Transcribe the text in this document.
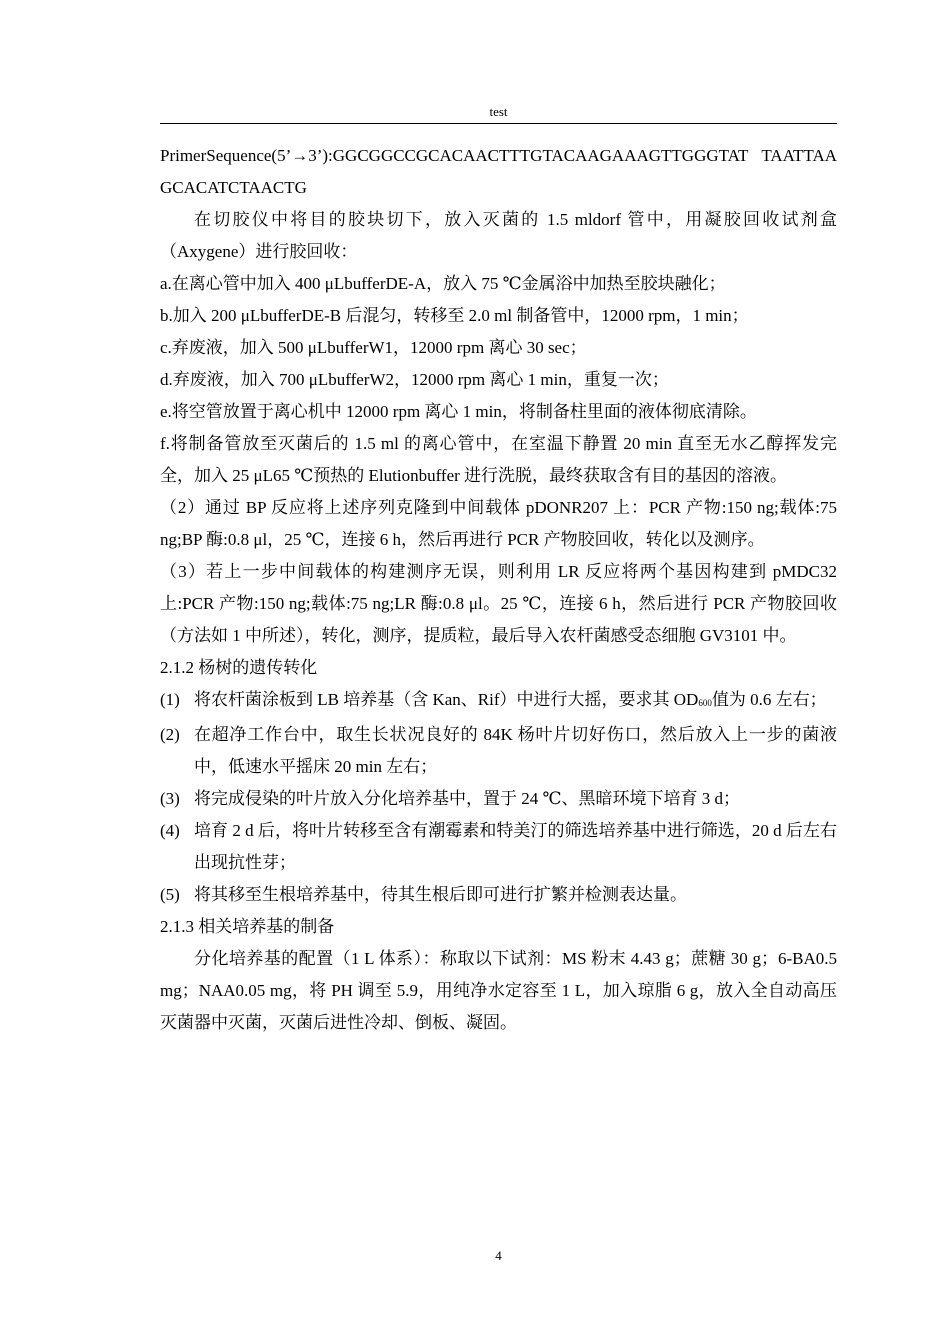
test

PrimerSequence(5’→3’):GGCGGCCGCACAACTTTGTACAAGAAAGTTGGGTAT TAATTAAGCACATCTAACTG

在切胶仪中将目的胶块切下，放入灭菌的 1.5 mldorf 管中，用凝胶回收试剂盒（Axygene）进行胶回收：

a.在离心管中加入 400 μLbufferDE-A，放入 75 ℃金属浴中加热至胶块融化；

b.加入 200 μLbufferDE-B 后混匀，转移至 2.0 ml 制备管中，12000 rpm，1 min；

c.弃废液，加入 500 μLbufferW1，12000 rpm 离心 30 sec；

d.弃废液，加入 700 μLbufferW2，12000 rpm 离心 1 min，重复一次；

e.将空管放置于离心机中 12000 rpm 离心 1 min，将制备柱里面的液体彻底清除。

f.将制备管放至灭菌后的 1.5 ml 的离心管中，在室温下静置 20 min 直至无水乙醇挥发完全，加入 25 μL65 ℃预热的 Elutionbuffer 进行洗脱，最终获取含有目的基因的溶液。

（2）通过 BP 反应将上述序列克隆到中间载体 pDONR207 上：PCR 产物:150 ng;载体:75 ng;BP 酶:0.8 μl，25 ℃，连接 6 h，然后再进行 PCR 产物胶回收，转化以及测序。

（3）若上一步中间载体的构建测序无误，则利用 LR 反应将两个基因构建到 pMDC32 上:PCR 产物:150 ng;载体:75 ng;LR 酶:0.8 μl。25 ℃，连接 6 h，然后进行 PCR 产物胶回收（方法如 1 中所述），转化，测序，提质粒，最后导入农杆菌感受态细胞 GV3101 中。

2.1.2 杨树的遗传转化

(1) 将农杆菌涂板到 LB 培养基（含 Kan、Rif）中进行大摇，要求其 $OD_{600}$值为 0.6 左右；
(2) 在超净工作台中，取生长状况良好的 84K 杨叶片切好伤口，然后放入上一步的菌液中，低速水平摇床 20 min 左右；
(3) 将完成侵染的叶片放入分化培养基中，置于 24 ℃、黑暗环境下培育 3 d；
(4) 培育 2 d 后，将叶片转移至含有潮霉素和特美汀的筛选培养基中进行筛选，20 d 后左右出现抗性芽；
(5) 将其移至生根培养基中，待其生根后即可进行扩繁并检测表达量。

2.1.3 相关培养基的制备

分化培养基的配置（1 L 体系）：称取以下试剂：MS 粉末 4.43 g；蔗糖 30 g；6-BA0.5 mg；NAA0.05 mg，将 PH 调至 5.9，用纯净水定容至 1 L，加入琼脂 6 g，放入全自动高压灭菌器中灭菌，灭菌后进性冷却、倒板、凝固。

4
